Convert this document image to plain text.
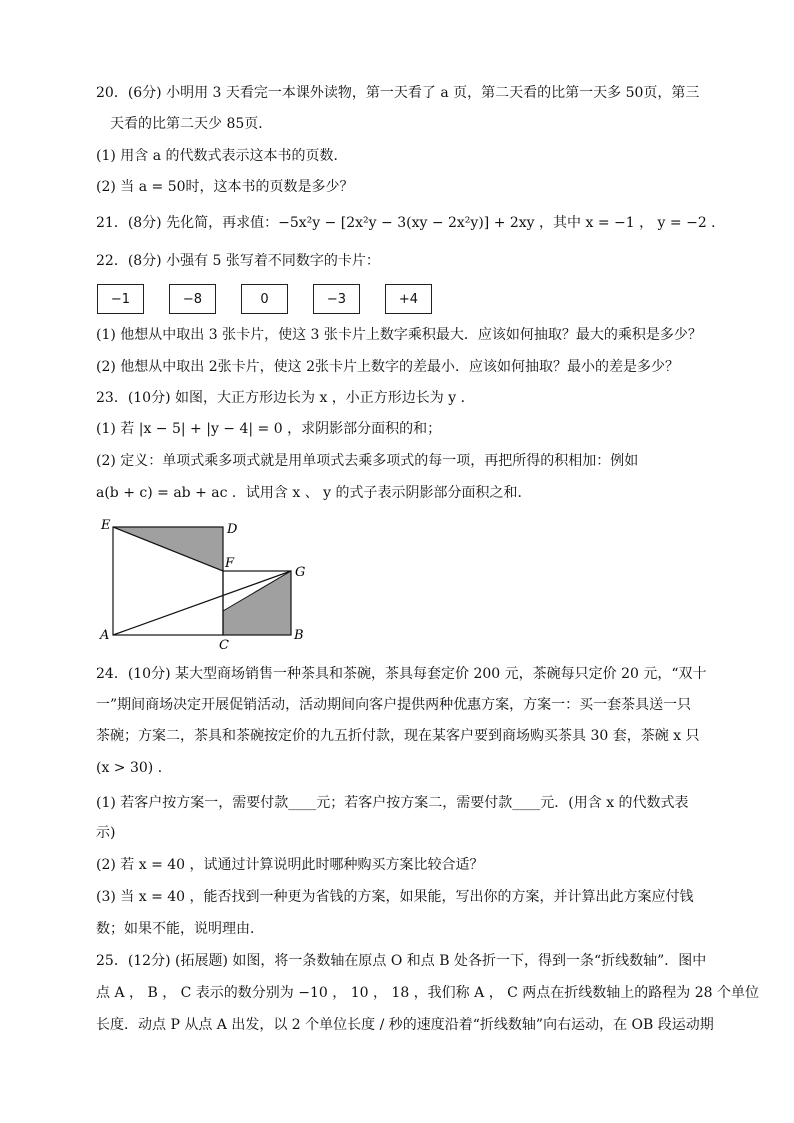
20．(6分) 小明用 3 天看完一本课外读物，第一天看了 a 页，第二天看的比第一天多 50页，第三
天看的比第二天少 85页．
(1) 用含 a 的代数式表示这本书的页数．
(2) 当 a = 50时，这本书的页数是多少？
21．(8分) 先化简，再求值：−5x²y − [2x²y − 3(xy − 2x²y)] + 2xy ，其中 x = −1 ， y = −2 ．
22．(8分) 小强有 5 张写着不同数字的卡片：
−1	−8	0	−3	+4
(1) 他想从中取出 3 张卡片，使这 3 张卡片上数字乘积最大．应该如何抽取？最大的乘积是多少？
(2) 他想从中取出 2张卡片，使这 2张卡片上数字的差最小．应该如何抽取？最小的差是多少？
23．(10分) 如图，大正方形边长为 x ，小正方形边长为 y ．
(1) 若 |x − 5| + |y − 4| = 0 ，求阴影部分面积的和；
(2) 定义：单项式乘多项式就是用单项式去乘多项式的每一项，再把所得的积相加：例如
a(b + c) = ab + ac ．试用含 x 、 y 的式子表示阴影部分面积之和．
E	D
F
G
A
C
B
24．(10分) 某大型商场销售一种茶具和茶碗，茶具每套定价 200 元，茶碗每只定价 20 元，“双十
一”期间商场决定开展促销活动，活动期间向客户提供两种优惠方案，方案一：买一套茶具送一只
茶碗；方案二，茶具和茶碗按定价的九五折付款，现在某客户要到商场购买茶具 30 套，茶碗 x 只
(x > 30) ．
(1) 若客户按方案一，需要付款____元；若客户按方案二，需要付款____元．(用含 x 的代数式表
示)
(2) 若 x = 40 ，试通过计算说明此时哪种购买方案比较合适？
(3) 当 x = 40 ，能否找到一种更为省钱的方案，如果能，写出你的方案，并计算出此方案应付钱
数；如果不能，说明理由．
25．(12分) (拓展题) 如图，将一条数轴在原点 O 和点 B 处各折一下，得到一条“折线数轴”．图中
点 A ， B ， C 表示的数分别为 −10 ， 10 ， 18 ，我们称 A ， C 两点在折线数轴上的路程为 28 个单位
长度．动点 P 从点 A 出发，以 2 个单位长度 / 秒的速度沿着“折线数轴”向右运动，在 OB 段运动期
